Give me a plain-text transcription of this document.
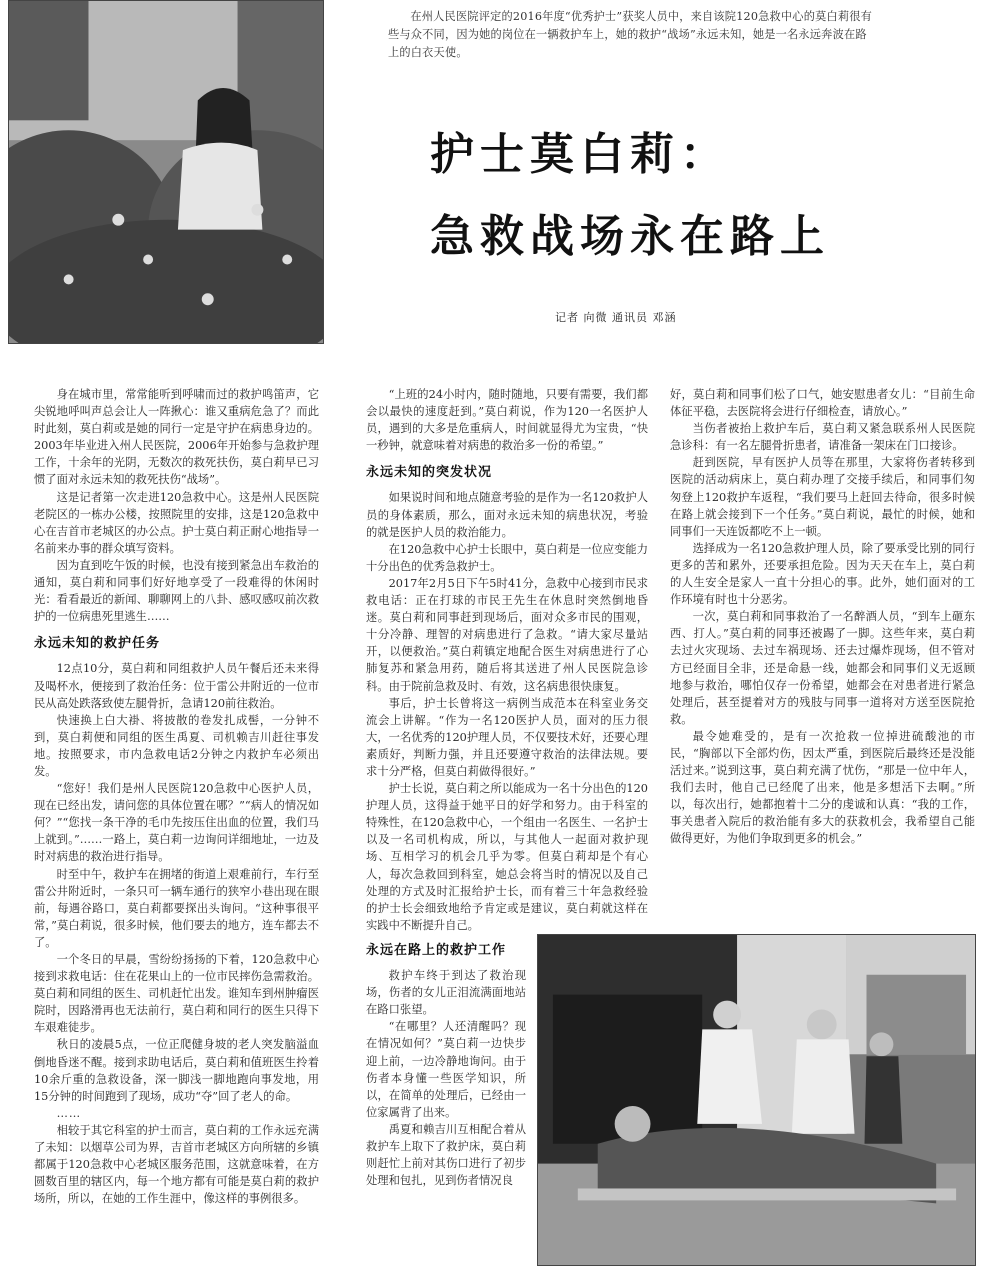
在州人民医院评定的2016年度“优秀护士”获奖人员中，来自该院120急救中心的莫白莉很有些与众不同，因为她的岗位在一辆救护车上，她的救护“战场”永远未知，她是一名永远奔波在路上的白衣天使。

护士莫白莉：
急救战场永在路上
记者 向微 通讯员 邓涵

身在城市里，常常能听到呼啸而过的救护鸣笛声，它尖锐地呼叫声总会让人一阵揪心：谁又重病危急了？而此时此刻，莫白莉或是她的同行一定是守护在病患身边的。2003年毕业进入州人民医院，2006年开始参与急救护理工作，十余年的光阴，无数次的救死扶伤，莫白莉早已习惯了面对永远未知的救死扶伤“战场”。

这是记者第一次走进120急救中心。这是州人民医院老院区的一栋办公楼，按照院里的安排，这是120急救中心在吉首市老城区的办公点。护士莫白莉正耐心地指导一名前来办事的群众填写资料。

因为直到吃午饭的时候，也没有接到紧急出车救治的通知，莫白莉和同事们好好地享受了一段难得的休闲时光：看看最近的新闻、聊聊网上的八卦、感叹感叹前次救护的一位病患死里逃生……

永远未知的救护任务

12点10分，莫白莉和同组救护人员午餐后还未来得及喝杯水，便接到了救治任务：位于雷公井附近的一位市民从高处跌落致使左腿骨折，急请120前往救治。

快速换上白大褂、将披散的卷发扎成髻，一分钟不到，莫白莉便和同组的医生禹夏、司机赖吉川赶往事发地。按照要求，市内急救电话2分钟之内救护车必须出发。

“您好！我们是州人民医院120急救中心医护人员，现在已经出发，请问您的具体位置在哪？”“病人的情况如何？”“您找一条干净的毛巾先按压住出血的位置，我们马上就到。”……一路上，莫白莉一边询问详细地址，一边及时对病患的救治进行指导。

时至中午，救护车在拥堵的街道上艰难前行，车行至雷公井附近时，一条只可一辆车通行的狭窄小巷出现在眼前，每遇谷路口，莫白莉都要探出头询问。“这种事很平常，”莫白莉说，很多时候，他们要去的地方，连车都去不了。

一个冬日的早晨，雪纷纷扬扬的下着，120急救中心接到求救电话：住在花果山上的一位市民摔伤急需救治。莫白莉和同组的医生、司机赶忙出发。谁知车到州肿瘤医院时，因路滑再也无法前行，莫白莉和同行的医生只得下车艰难徒步。

秋日的凌晨5点，一位正爬健身坡的老人突发脑溢血倒地昏迷不醒。接到求助电话后，莫白莉和值班医生拎着10余斤重的急救设备，深一脚浅一脚地跑向事发地，用15分钟的时间跑到了现场，成功“夺”回了老人的命。

……

相较于其它科室的护士而言，莫白莉的工作永远充满了未知：以烟草公司为界，吉首市老城区方向所辖的乡镇都属于120急救中心老城区服务范围，这就意味着，在方圆数百里的辖区内，每一个地方都有可能是莫白莉的救护场所，所以，在她的工作生涯中，像这样的事例很多。

“上班的24小时内，随时随地，只要有需要，我们都会以最快的速度赶到。”莫白莉说，作为120一名医护人员，遇到的大多是危重病人，时间就显得尤为宝贵，“快一秒钟，就意味着对病患的救治多一份的希望。”

永远未知的突发状况

如果说时间和地点随意考验的是作为一名120救护人员的身体素质，那么，面对永远未知的病患状况，考验的就是医护人员的救治能力。

在120急救中心护士长眼中，莫白莉是一位应变能力十分出色的优秀急救护士。

2017年2月5日下午5时41分，急救中心接到市民求救电话：正在打球的市民王先生在休息时突然倒地昏迷。莫白莉和同事赶到现场后，面对众多市民的围观，十分冷静、理智的对病患进行了急救。“请大家尽量站开，以便救治。”莫白莉镇定地配合医生对病患进行了心肺复苏和紧急用药，随后将其送进了州人民医院急诊科。由于院前急救及时、有效，这名病患很快康复。

事后，护士长曾将这一病例当成范本在科室业务交流会上讲解。“作为一名120医护人员，面对的压力很大，一名优秀的120护理人员，不仅要技术好，还要心理素质好，判断力强，并且还要遵守救治的法律法规。要求十分严格，但莫白莉做得很好。”

护士长说，莫白莉之所以能成为一名十分出色的120护理人员，这得益于她平日的好学和努力。由于科室的特殊性，在120急救中心，一个组由一名医生、一名护士以及一名司机构成，所以，与其他人一起面对救护现场、互相学习的机会几乎为零。但莫白莉却是个有心人，每次急救回到科室，她总会将当时的情况以及自己处理的方式及时汇报给护士长，而有着三十年急救经验的护士长会细致地给予肯定或是建议，莫白莉就这样在实践中不断提升自己。

永远在路上的救护工作

救护车终于到达了救治现场，伤者的女儿正泪流满面地站在路口张望。

“在哪里？人还清醒吗？现在情况如何？”莫白莉一边快步迎上前，一边冷静地询问。由于伤者本身懂一些医学知识，所以，在简单的处理后，已经由一位家属背了出来。

禹夏和赖吉川互相配合着从救护车上取下了救护床，莫白莉则赶忙上前对其伤口进行了初步处理和包扎，见到伤者情况良

好，莫白莉和同事们松了口气，她安慰患者女儿：“目前生命体征平稳，去医院将会进行仔细检查，请放心。”

当伤者被抬上救护车后，莫白莉又紧急联系州人民医院急诊科：有一名左腿骨折患者，请准备一架床在门口接诊。

赶到医院，早有医护人员等在那里，大家将伤者转移到医院的活动病床上，莫白莉办理了交接手续后，和同事们匆匆登上120救护车返程，“我们要马上赶回去待命，很多时候在路上就会接到下一个任务。”莫白莉说，最忙的时候，她和同事们一天连饭都吃不上一顿。

选择成为一名120急救护理人员，除了要承受比别的同行更多的苦和累外，还要承担危险。因为天天在车上，莫白莉的人生安全是家人一直十分担心的事。此外，她们面对的工作环境有时也十分恶劣。

一次，莫白莉和同事救治了一名醉酒人员，“到车上砸东西、打人。”莫白莉的同事还被踢了一脚。这些年来，莫白莉去过火灾现场、去过车祸现场、还去过爆炸现场，但不管对方已经面目全非，还是命悬一线，她都会和同事们义无返顾地参与救治，哪怕仅存一份希望，她都会在对患者进行紧急处理后，甚至提着对方的残肢与同事一道将对方送至医院抢救。

最令她难受的，是有一次抢救一位掉进硫酸池的市民，“胸部以下全部灼伤，因太严重，到医院后最终还是没能活过来。”说到这事，莫白莉充满了忧伤，“那是一位中年人，我们去时，他自己已经爬了出来，他是多想活下去啊。”所以，每次出行，她都抱着十二分的虔诚和认真：“我的工作，事关患者入院后的救治能有多大的获救机会，我希望自己能做得更好，为他们争取到更多的机会。”
